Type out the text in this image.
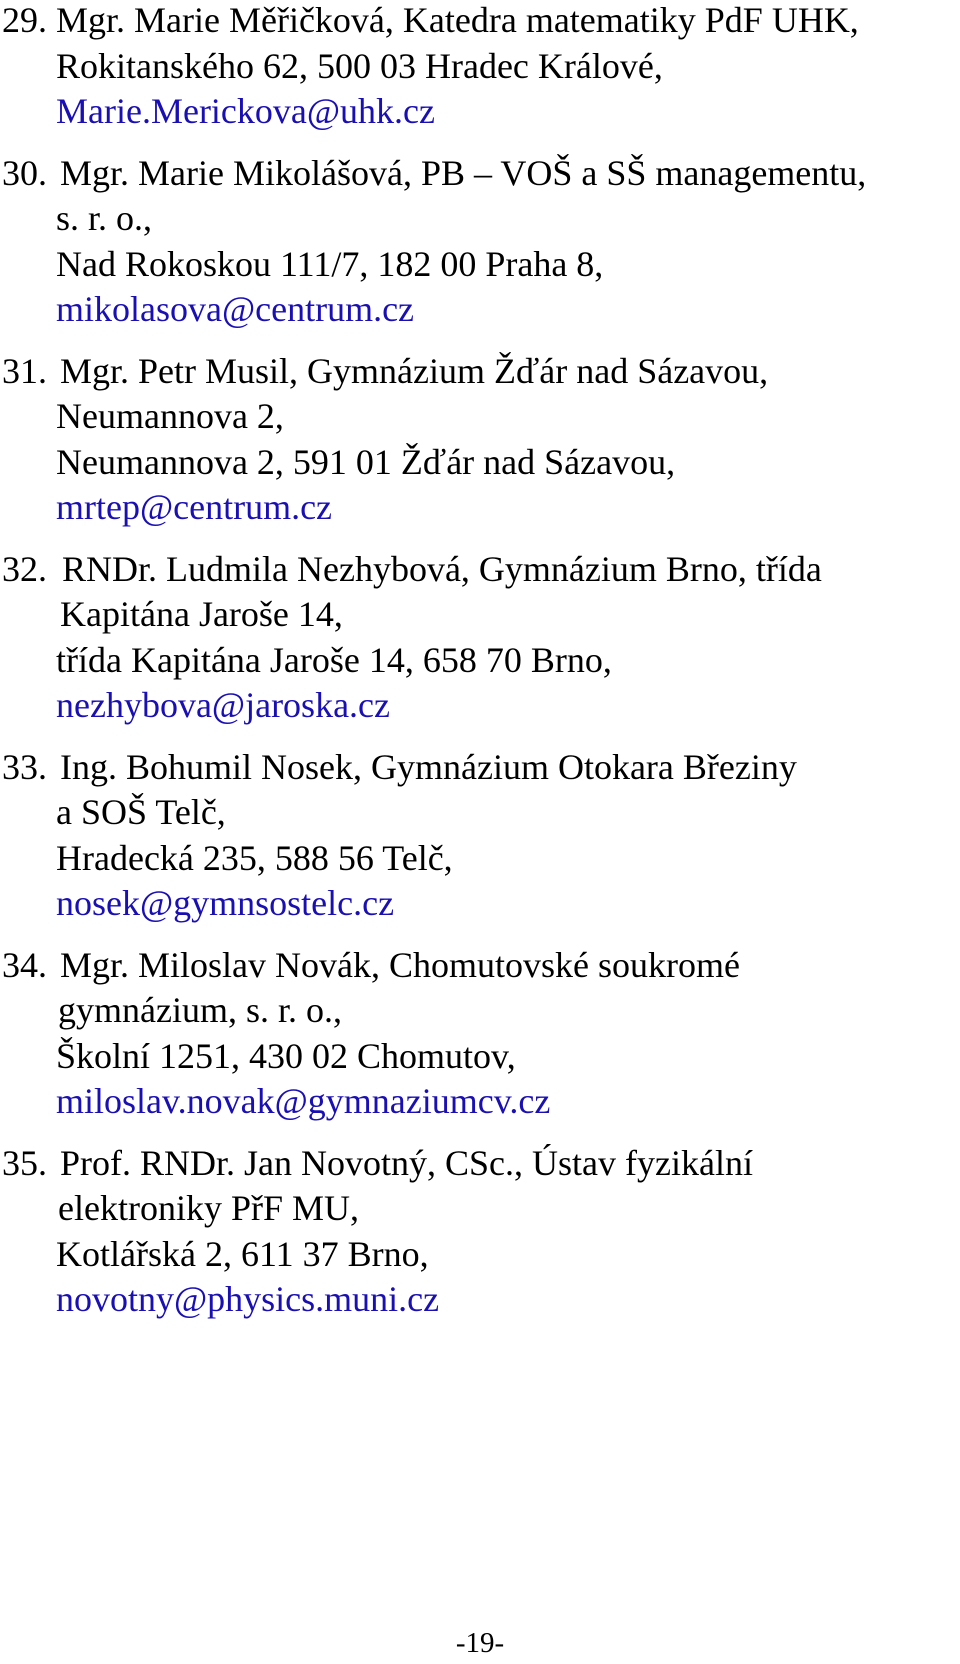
29. Mgr. Marie Měřičková, Katedra matematiky PdF UHK,
Rokitanského 62, 500 03 Hradec Králové,
Marie.Merickova@uhk.cz
30. Mgr. Marie Mikolášová, PB – VOŠ a SŠ managementu,
s. r. o.,
Nad Rokoskou 111/7, 182 00 Praha 8,
mikolasova@centrum.cz
31. Mgr. Petr Musil, Gymnázium Žďár nad Sázavou,
Neumannova 2,
Neumannova 2, 591 01 Žďár nad Sázavou,
mrtep@centrum.cz
32. RNDr. Ludmila Nezhybová, Gymnázium Brno, třída
Kapitána Jaroše 14,
třída Kapitána Jaroše 14, 658 70 Brno,
nezhybova@jaroska.cz
33. Ing. Bohumil Nosek, Gymnázium Otokara Březiny
a SOŠ Telč,
Hradecká 235, 588 56 Telč,
nosek@gymnsostelc.cz
34. Mgr. Miloslav Novák, Chomutovské soukromé
gymnázium, s. r. o.,
Školní 1251, 430 02 Chomutov,
miloslav.novak@gymnaziumcv.cz
35. Prof. RNDr. Jan Novotný, CSc., Ústav fyzikální
elektroniky PřF MU,
Kotlářská 2, 611 37 Brno,
novotny@physics.muni.cz
-19-
